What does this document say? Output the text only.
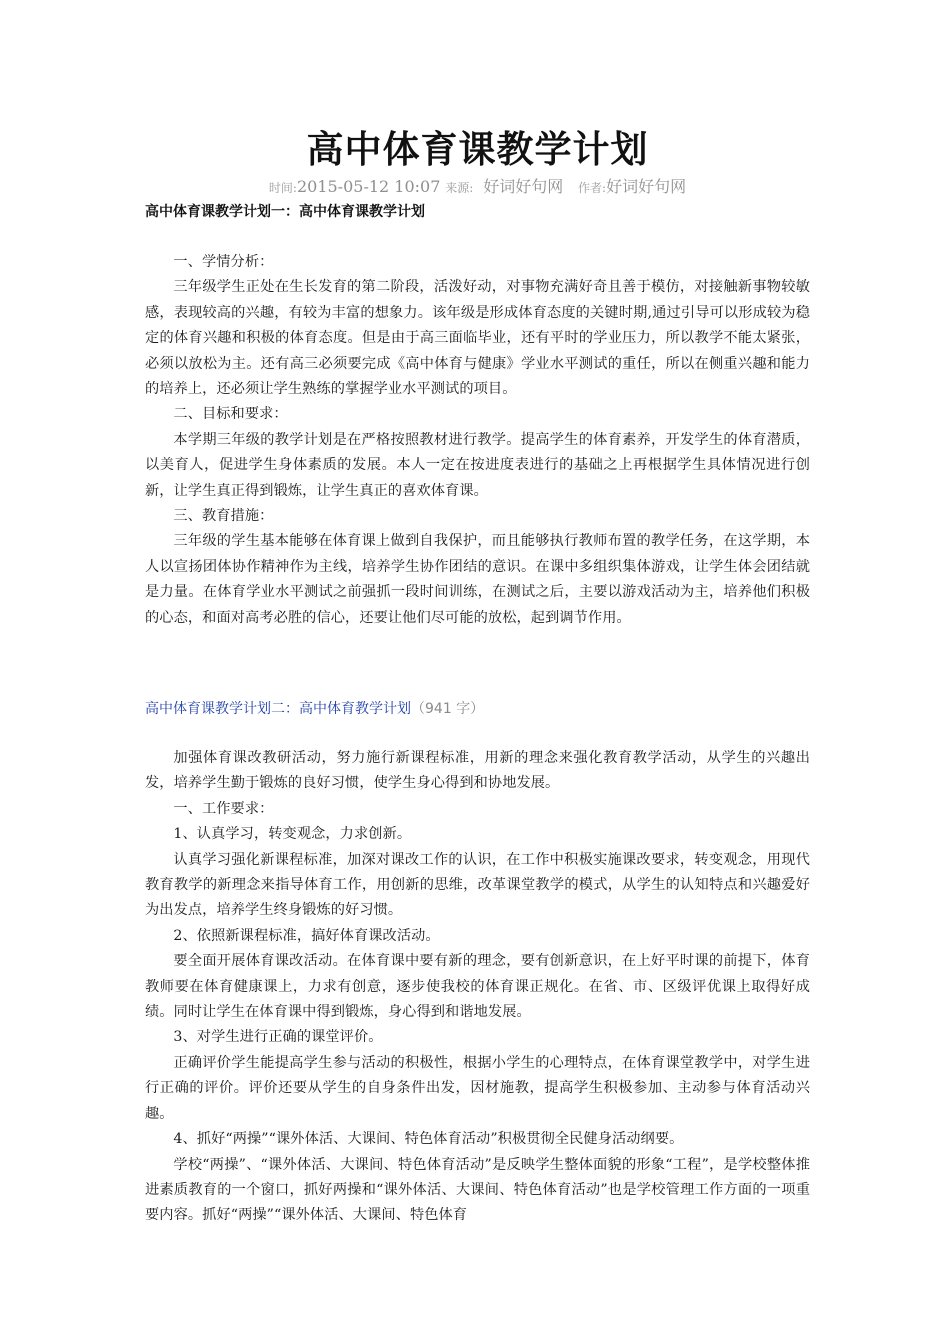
高中体育课教学计划
时间:2015-05-12 10:07 来源: 好词好句网 作者:好词好句网
高中体育课教学计划一：高中体育课教学计划

一、学情分析：

三年级学生正处在生长发育的第二阶段，活泼好动，对事物充满好奇且善于模仿，对接触新事物较敏感，表现较高的兴趣，有较为丰富的想象力。该年级是形成体育态度的关键时期,通过引导可以形成较为稳定的体育兴趣和积极的体育态度。但是由于高三面临毕业，还有平时的学业压力，所以教学不能太紧张，必须以放松为主。还有高三必须要完成《高中体育与健康》学业水平测试的重任，所以在侧重兴趣和能力的培养上，还必须让学生熟练的掌握学业水平测试的项目。

二、目标和要求：

本学期三年级的教学计划是在严格按照教材进行教学。提高学生的体育素养，开发学生的体育潜质，以美育人，促进学生身体素质的发展。本人一定在按进度表进行的基础之上再根据学生具体情况进行创新，让学生真正得到锻炼，让学生真正的喜欢体育课。

三、教育措施：

三年级的学生基本能够在体育课上做到自我保护，而且能够执行教师布置的教学任务，在这学期，本人以宣扬团体协作精神作为主线，培养学生协作团结的意识。在课中多组织集体游戏，让学生体会团结就是力量。在体育学业水平测试之前强抓一段时间训练，在测试之后，主要以游戏活动为主，培养他们积极的心态，和面对高考必胜的信心，还要让他们尽可能的放松，起到调节作用。

高中体育课教学计划二：高中体育教学计划（941 字）

加强体育课改教研活动，努力施行新课程标准，用新的理念来强化教育教学活动，从学生的兴趣出发，培养学生勤于锻炼的良好习惯，使学生身心得到和协地发展。

一、工作要求：

1、认真学习，转变观念，力求创新。

认真学习强化新课程标准，加深对课改工作的认识，在工作中积极实施课改要求，转变观念，用现代教育教学的新理念来指导体育工作，用创新的思维，改革课堂教学的模式，从学生的认知特点和兴趣爱好为出发点，培养学生终身锻炼的好习惯。

2、依照新课程标准，搞好体育课改活动。

要全面开展体育课改活动。在体育课中要有新的理念，要有创新意识，在上好平时课的前提下，体育教师要在体育健康课上，力求有创意，逐步使我校的体育课正规化。在省、市、区级评优课上取得好成绩。同时让学生在体育课中得到锻炼，身心得到和谐地发展。

3、对学生进行正确的课堂评价。

正确评价学生能提高学生参与活动的积极性，根据小学生的心理特点，在体育课堂教学中，对学生进行正确的评价。评价还要从学生的自身条件出发，因材施教，提高学生积极参加、主动参与体育活动兴趣。

4、抓好“两操”“课外体活、大课间、特色体育活动”积极贯彻全民健身活动纲要。

学校“两操”、“课外体活、大课间、特色体育活动”是反映学生整体面貌的形象“工程”，是学校整体推进素质教育的一个窗口，抓好两操和“课外体活、大课间、特色体育活动”也是学校管理工作方面的一项重要内容。抓好“两操”“课外体活、大课间、特色体育
